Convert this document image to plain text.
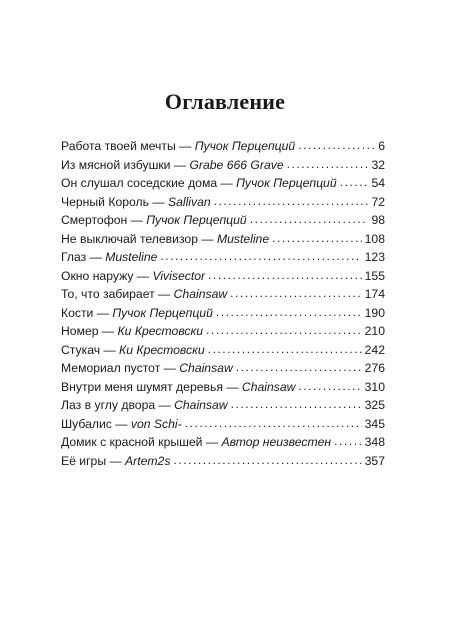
Оглавление
Работа твоей мечты — Пучок Перцепций .....	6
Из мясной избушки — Grabe 666 Grave .....	32
Он слушал соседские дома — Пучок Перцепций .....	54
Черный Король — Sallivan .....	72
Смертофон — Пучок Перцепций .....	98
Не выключай телевизор — Musteline .....	108
Глаз — Musteline .....	123
Окно наружу — Vivisector .....	155
То, что забирает — Chainsaw .....	174
Кости — Пучок Перцепций .....	190
Номер — Ки Крестовски .....	210
Стукач — Ки Крестовски .....	242
Мемориал пустот — Chainsaw .....	276
Внутри меня шумят деревья — Chainsaw .....	310
Лаз в углу двора — Chainsaw .....	325
Шубалис — von Schi- .....	345
Домик с красной крышей — Автор неизвестен .....	348
Её игры — Artem2s .....	357
